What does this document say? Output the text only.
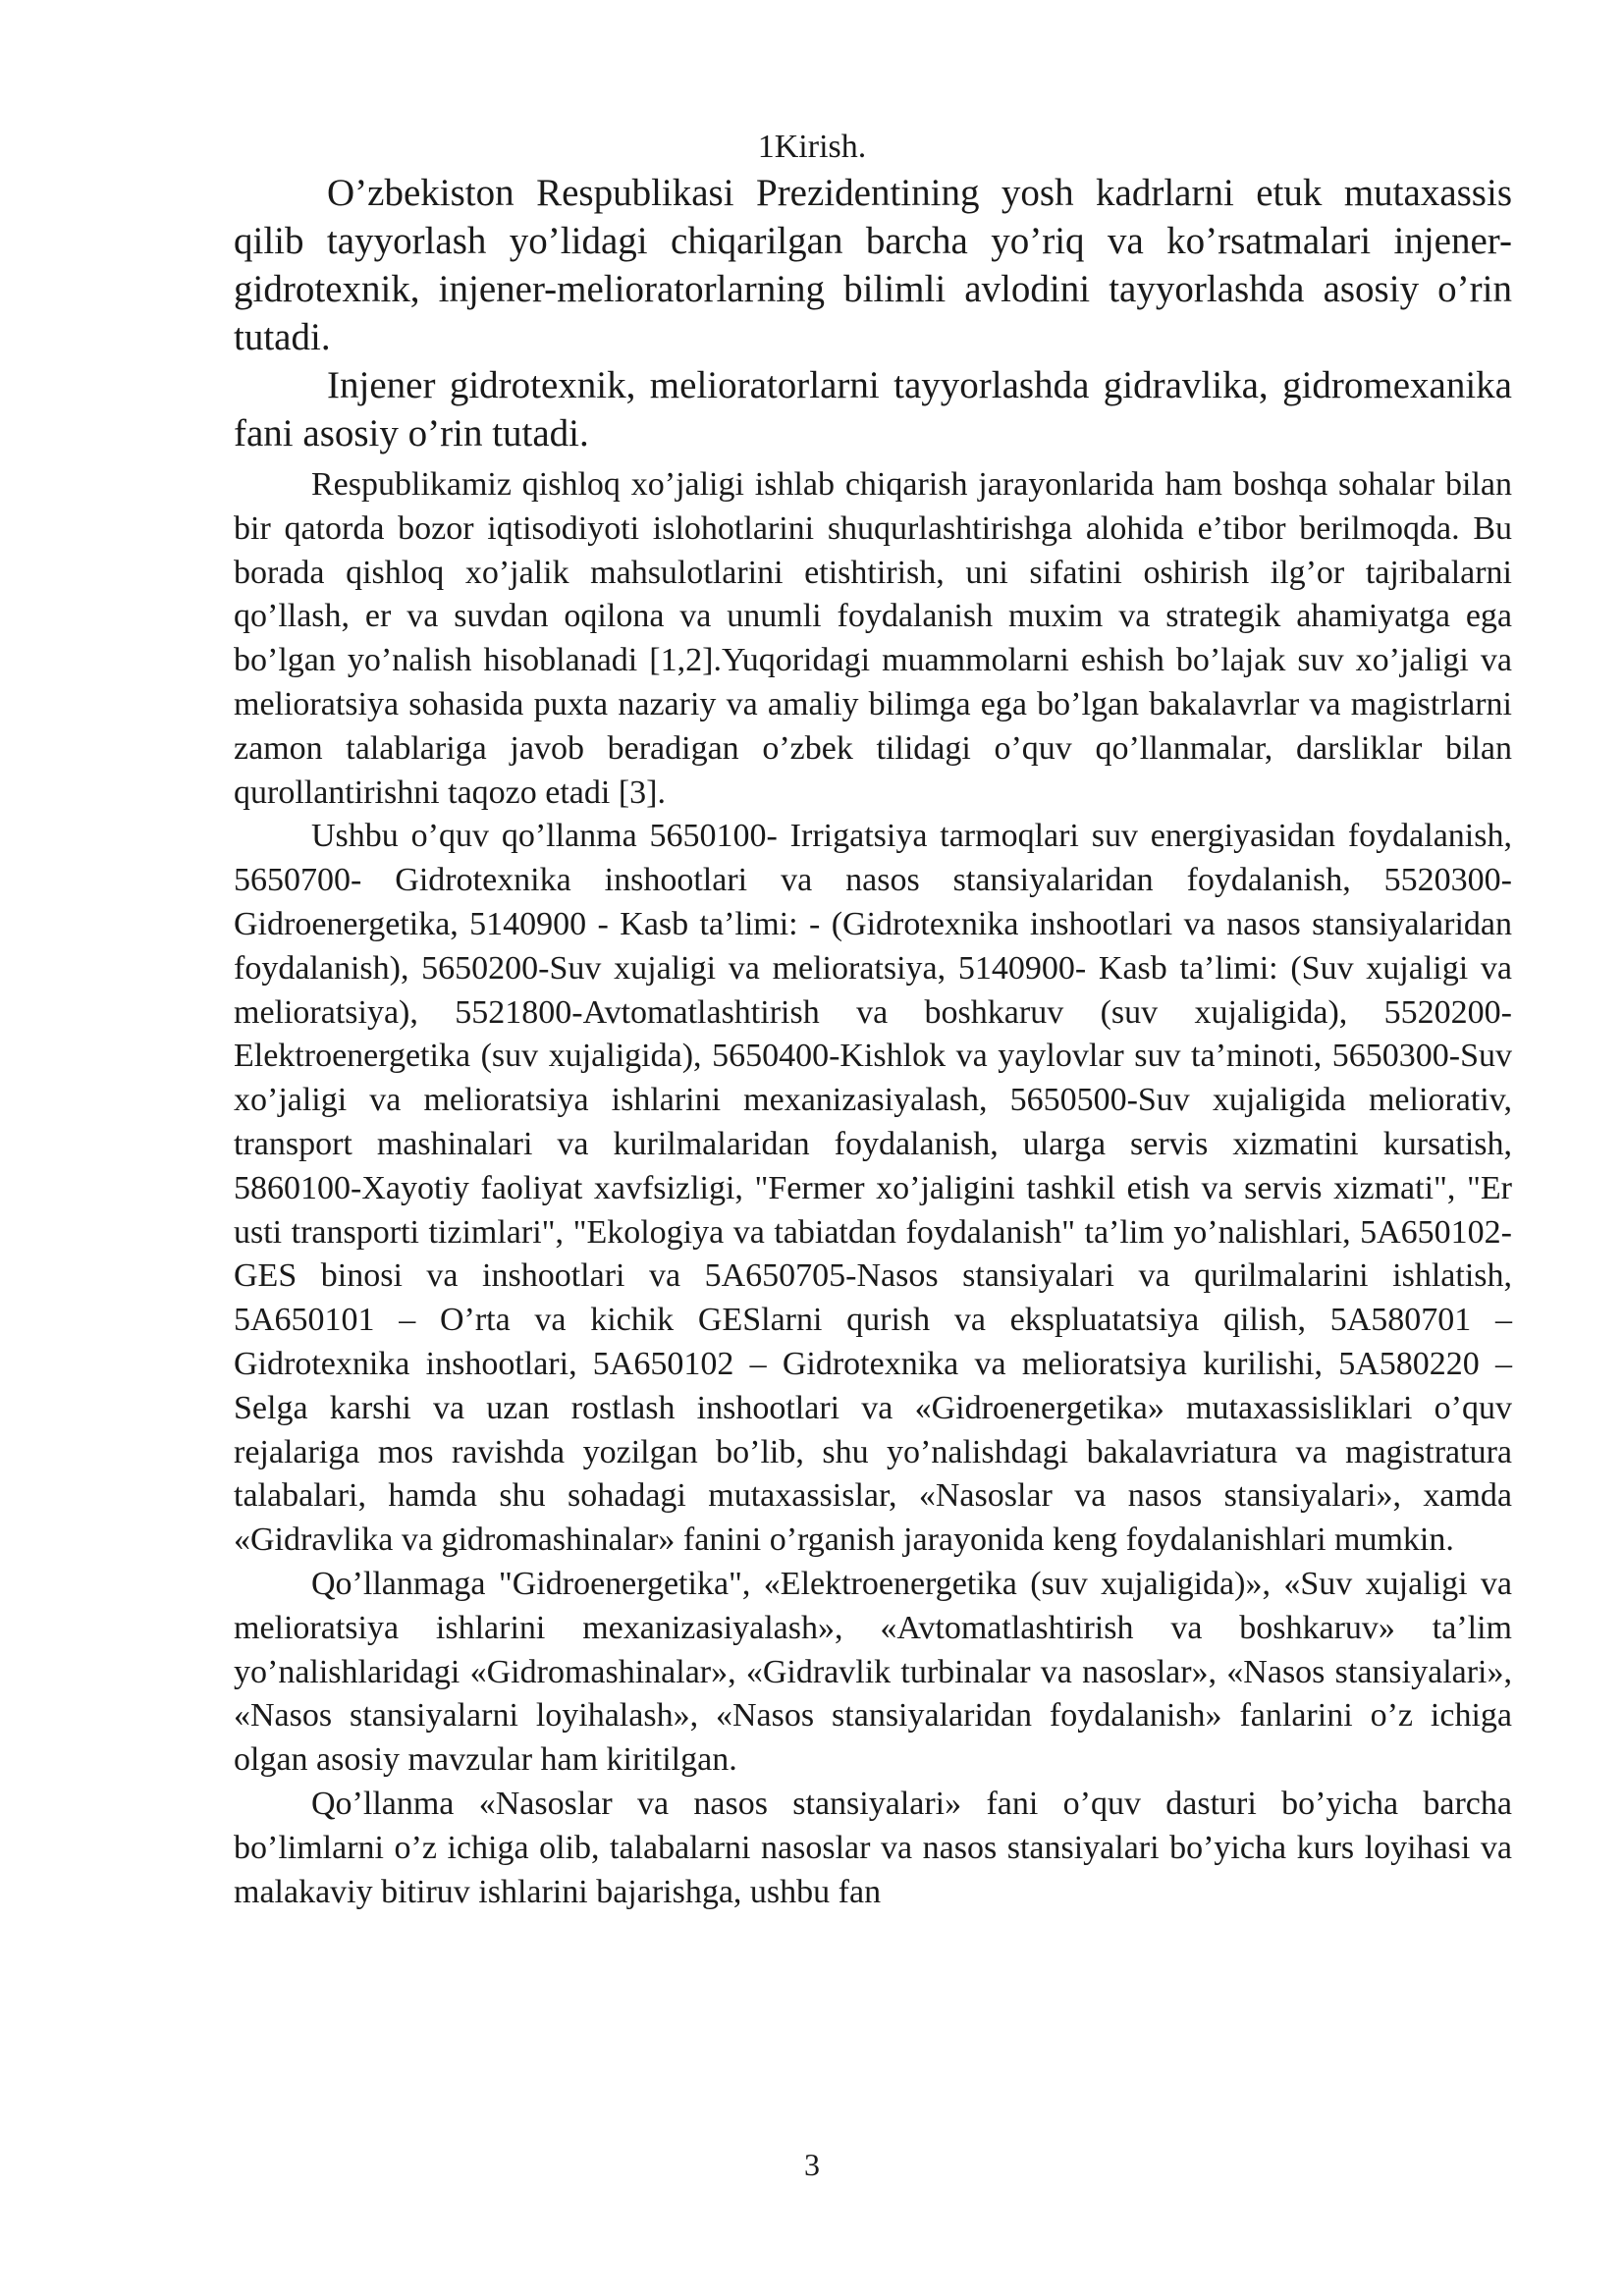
1Kirish.

O’zbekiston Respublikasi Prezidentining yosh kadrlarni etuk mutaxassis qilib tayyorlash yo’lidagi chiqarilgan barcha yo’riq va ko’rsatmalari injener-gidrotexnik, injener-melioratorlarning bilimli avlodini tayyorlashda asosiy o’rin tutadi.

Injener gidrotexnik, melioratorlarni tayyorlashda gidravlika, gidromexanika fani asosiy o’rin tutadi.

Respublikamiz qishloq xo’jaligi ishlab chiqarish jarayonlarida ham boshqa sohalar bilan bir qatorda bozor iqtisodiyoti islohotlarini shuqurlashtirishga alohida e’tibor berilmoqda. Bu borada qishloq xo’jalik mahsulotlarini etishtirish, uni sifatini oshirish ilg’or tajribalarni qo’llash, er va suvdan oqilona va unumli foydalanish muxim va strategik ahamiyatga ega bo’lgan yo’nalish hisoblanadi [1,2].Yuqoridagi muammolarni eshish bo’lajak suv xo’jaligi va melioratsiya sohasida puxta nazariy va amaliy bilimga ega bo’lgan bakalavrlar va magistrlarni zamon talablariga javob beradigan o’zbek tilidagi o’quv qo’llanmalar, darsliklar bilan qurollantirishni taqozo etadi [3].

Ushbu o’quv qo’llanma 5650100- Irrigatsiya tarmoqlari suv energiyasidan foydalanish, 5650700- Gidrotexnika inshootlari va nasos stansiyalaridan foydalanish, 5520300- Gidroenergetika, 5140900 - Kasb ta’limi: - (Gidrotexnika inshootlari va nasos stansiyalaridan foydalanish), 5650200-Suv xujaligi va melioratsiya, 5140900- Kasb ta’limi: (Suv xujaligi va melioratsiya), 5521800-Avtomatlashtirish va boshkaruv (suv xujaligida), 5520200-Elektroenergetika (suv xujaligida), 5650400-Kishlok va yaylovlar suv ta’minoti, 5650300-Suv xo’jaligi va melioratsiya ishlarini mexanizasiyalash, 5650500-Suv xujaligida meliorativ, transport mashinalari va kurilmalaridan foydalanish, ularga servis xizmatini kursatish, 5860100-Xayotiy faoliyat xavfsizligi, "Fermer xo’jaligini tashkil etish va servis xizmati", "Er usti transporti tizimlari", "Ekologiya va tabiatdan foydalanish" ta’lim yo’nalishlari, 5A650102-GES binosi va inshootlari va 5A650705-Nasos stansiyalari va qurilmalarini ishlatish, 5A650101 – O’rta va kichik GESlarni qurish va ekspluatatsiya qilish, 5A580701 – Gidrotexnika inshootlari, 5A650102 – Gidrotexnika va melioratsiya kurilishi, 5A580220 – Selga karshi va uzan rostlash inshootlari va «Gidroenergetika» mutaxassisliklari o’quv rejalariga mos ravishda yozilgan bo’lib, shu yo’nalishdagi bakalavriatura va magistratura talabalari, hamda shu sohadagi mutaxassislar, «Nasoslar va nasos stansiyalari», xamda «Gidravlika va gidromashinalar» fanini o’rganish jarayonida keng foydalanishlari mumkin.

Qo’llanmaga "Gidroenergetika", «Elektroenergetika (suv xujaligida)», «Suv xujaligi va melioratsiya ishlarini mexanizasiyalash», «Avtomatlashtirish va boshkaruv» ta’lim yo’nalishlaridagi «Gidromashinalar», «Gidravlik turbinalar va nasoslar», «Nasos stansiyalari», «Nasos stansiyalarni loyihalash», «Nasos stansiyalaridan foydalanish» fanlarini o’z ichiga olgan asosiy mavzular ham kiritilgan.

Qo’llanma «Nasoslar va nasos stansiyalari» fani o’quv dasturi bo’yicha barcha bo’limlarni o’z ichiga olib, talabalarni nasoslar va nasos stansiyalari bo’yicha kurs loyihasi va malakaviy bitiruv ishlarini bajarishga, ushbu fan

3
